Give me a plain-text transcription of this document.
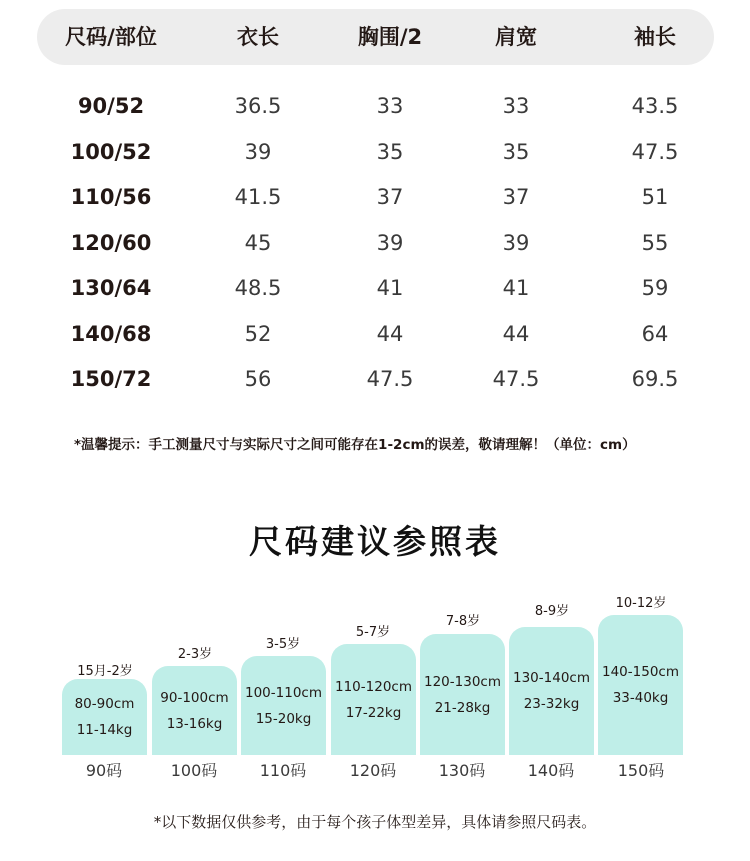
尺码/部位	衣长	胸围/2	肩宽	袖长
90/52	36.5	33	33	43.5
100/52	39	35	35	47.5
110/56	41.5	37	37	51
120/60	45	39	39	55
130/64	48.5	41	41	59
140/68	52	44	44	64
150/72	56	47.5	47.5	69.5
*温馨提示：手工测量尺寸与实际尺寸之间可能存在1-2cm的误差，敬请理解！（单位：cm）
尺码建议参照表
15月-2岁
80-90cm
11-14kg
90码
2-3岁
90-100cm
13-16kg
100码
3-5岁
100-110cm
15-20kg
110码
5-7岁
110-120cm
17-22kg
120码
7-8岁
120-130cm
21-28kg
130码
8-9岁
130-140cm
23-32kg
140码
10-12岁
140-150cm
33-40kg
150码
*以下数据仅供参考，由于每个孩子体型差异，具体请参照尺码表。
